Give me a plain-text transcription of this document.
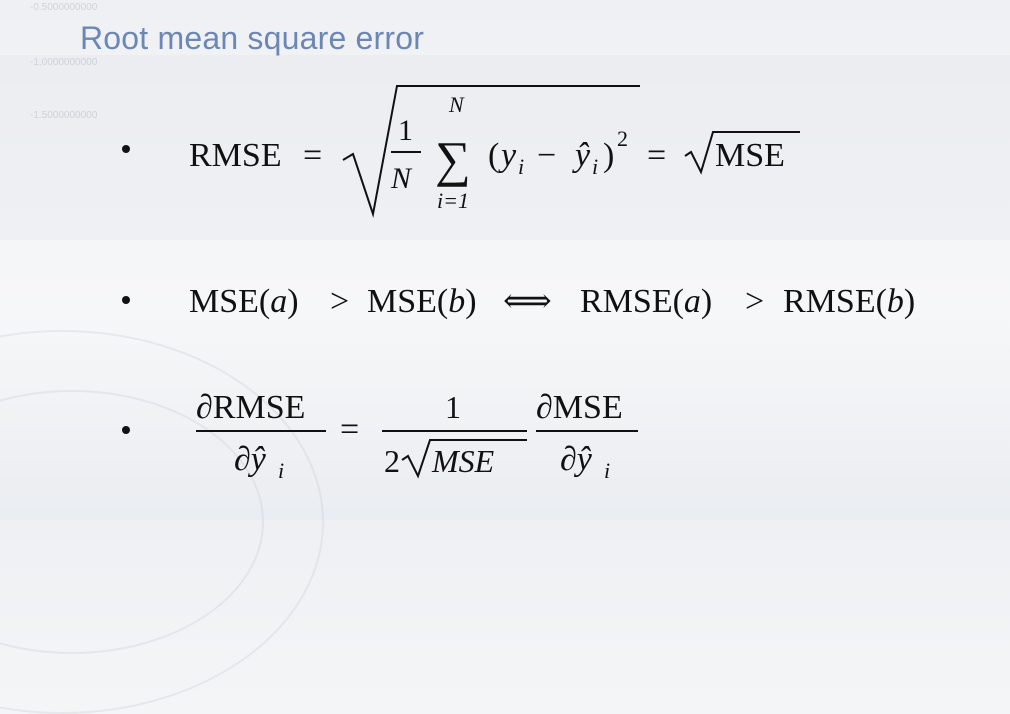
-0.5000000000
-1.0000000000
-1.5000000000
Root mean square error
RMSE =
1
N
N
∑
i=1
( y i − ŷ i ) 2 = MSE
MSE(a) > MSE(b) ⟺ RMSE(a) > RMSE(b)
∂RMSE
∂ŷ i
=
1
2 MSE
∂MSE
∂ŷ i
